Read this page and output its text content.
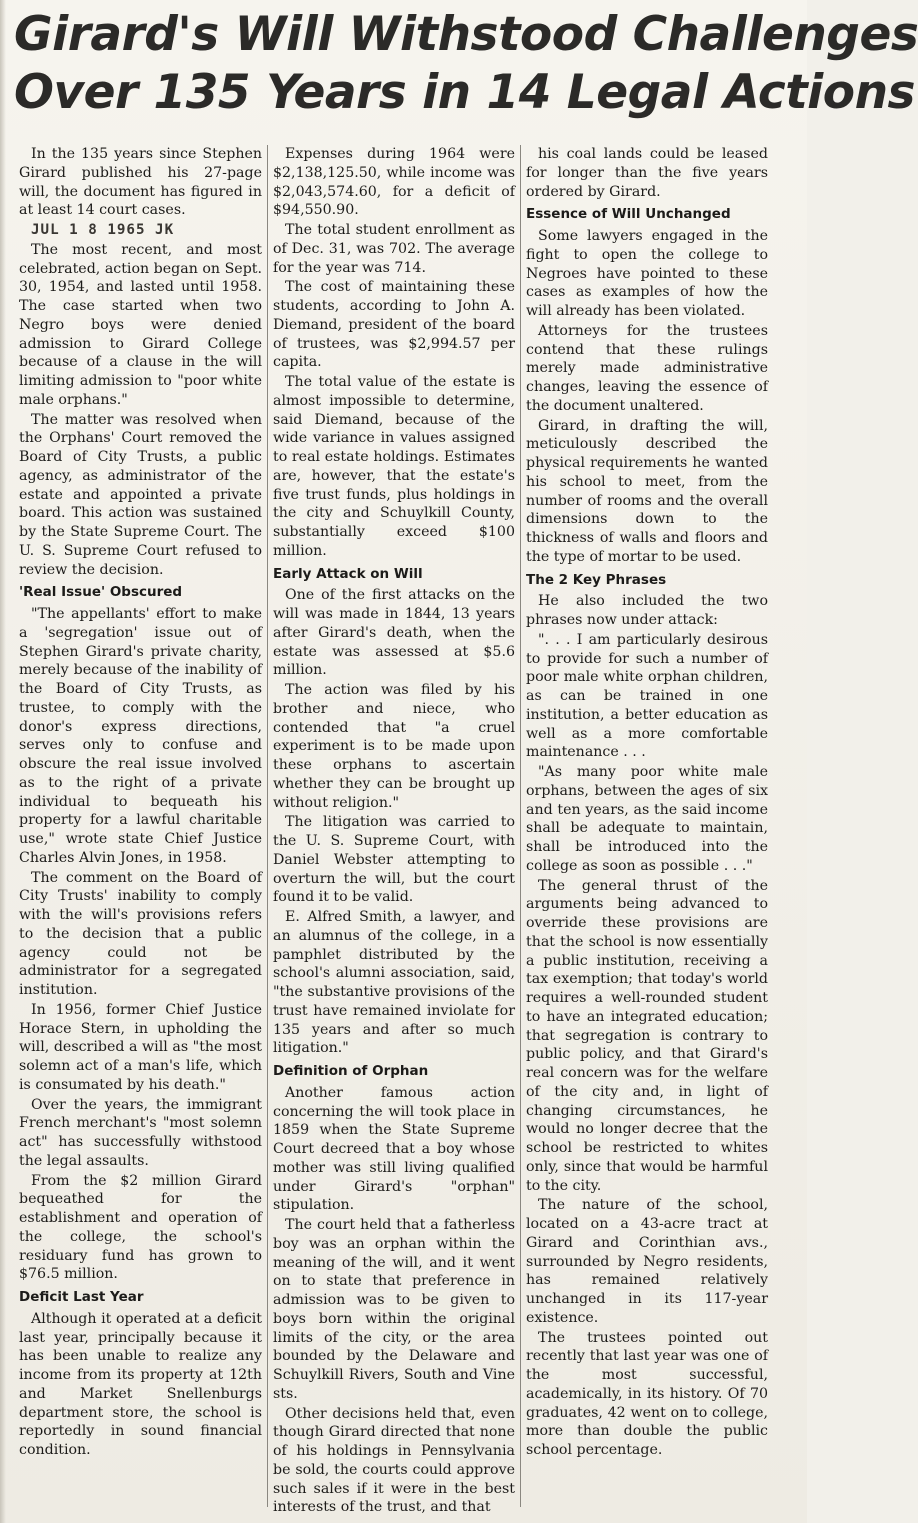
Girard's Will Withstood Challenges
Over 135 Years in 14 Legal Actions

In the 135 years since Stephen Girard published his 27-page will, the document has figured in at least 14 court cases.

JUL 1 8 1965 JK

The most recent, and most celebrated, action began on Sept. 30, 1954, and lasted until 1958. The case started when two Negro boys were denied admission to Girard College because of a clause in the will limiting admission to "poor white male orphans."

The matter was resolved when the Orphans' Court removed the Board of City Trusts, a public agency, as administrator of the estate and appointed a private board. This action was sustained by the State Supreme Court. The U. S. Supreme Court refused to review the decision.

'Real Issue' Obscured

"The appellants' effort to make a 'segregation' issue out of Stephen Girard's private charity, merely because of the inability of the Board of City Trusts, as trustee, to comply with the donor's express directions, serves only to confuse and obscure the real issue involved as to the right of a private individual to bequeath his property for a lawful charitable use," wrote state Chief Justice Charles Alvin Jones, in 1958.

The comment on the Board of City Trusts' inability to comply with the will's provisions refers to the decision that a public agency could not be administrator for a segregated institution.

In 1956, former Chief Justice Horace Stern, in upholding the will, described a will as "the most solemn act of a man's life, which is consumated by his death."

Over the years, the immigrant French merchant's "most solemn act" has successfully withstood the legal assaults.

From the $2 million Girard bequeathed for the establishment and operation of the college, the school's residuary fund has grown to $76.5 million.

Deficit Last Year

Although it operated at a deficit last year, principally because it has been unable to realize any income from its property at 12th and Market Snellenburgs department store, the school is reportedly in sound financial condition.

Expenses during 1964 were $2,138,125.50, while income was $2,043,574.60, for a deficit of $94,550.90.

The total student enrollment as of Dec. 31, was 702. The average for the year was 714.

The cost of maintaining these students, according to John A. Diemand, president of the board of trustees, was $2,994.57 per capita.

The total value of the estate is almost impossible to determine, said Diemand, because of the wide variance in values assigned to real estate holdings. Estimates are, however, that the estate's five trust funds, plus holdings in the city and Schuylkill County, substantially exceed $100 million.

Early Attack on Will

One of the first attacks on the will was made in 1844, 13 years after Girard's death, when the estate was assessed at $5.6 million.

The action was filed by his brother and niece, who contended that "a cruel experiment is to be made upon these orphans to ascertain whether they can be brought up without religion."

The litigation was carried to the U. S. Supreme Court, with Daniel Webster attempting to overturn the will, but the court found it to be valid.

E. Alfred Smith, a lawyer, and an alumnus of the college, in a pamphlet distributed by the school's alumni association, said, "the substantive provisions of the trust have remained inviolate for 135 years and after so much litigation."

Definition of Orphan

Another famous action concerning the will took place in 1859 when the State Supreme Court decreed that a boy whose mother was still living qualified under Girard's "orphan" stipulation.

The court held that a fatherless boy was an orphan within the meaning of the will, and it went on to state that preference in admission was to be given to boys born within the original limits of the city, or the area bounded by the Delaware and Schuylkill Rivers, South and Vine sts.

Other decisions held that, even though Girard directed that none of his holdings in Pennsylvania be sold, the courts could approve such sales if it were in the best interests of the trust, and that

his coal lands could be leased for longer than the five years ordered by Girard.

Essence of Will Unchanged

Some lawyers engaged in the fight to open the college to Negroes have pointed to these cases as examples of how the will already has been violated.

Attorneys for the trustees contend that these rulings merely made administrative changes, leaving the essence of the document unaltered.

Girard, in drafting the will, meticulously described the physical requirements he wanted his school to meet, from the number of rooms and the overall dimensions down to the thickness of walls and floors and the type of mortar to be used.

The 2 Key Phrases

He also included the two phrases now under attack:

". . . I am particularly desirous to provide for such a number of poor male white orphan children, as can be trained in one institution, a better education as well as a more comfortable maintenance . . .

"As many poor white male orphans, between the ages of six and ten years, as the said income shall be adequate to maintain, shall be introduced into the college as soon as possible . . ."

The general thrust of the arguments being advanced to override these provisions are that the school is now essentially a public institution, receiving a tax exemption; that today's world requires a well-rounded student to have an integrated education; that segregation is contrary to public policy, and that Girard's real concern was for the welfare of the city and, in light of changing circumstances, he would no longer decree that the school be restricted to whites only, since that would be harmful to the city.

The nature of the school, located on a 43-acre tract at Girard and Corinthian avs., surrounded by Negro residents, has remained relatively unchanged in its 117-year existence.

The trustees pointed out recently that last year was one of the most successful, academically, in its history. Of 70 graduates, 42 went on to college, more than double the public school percentage.
